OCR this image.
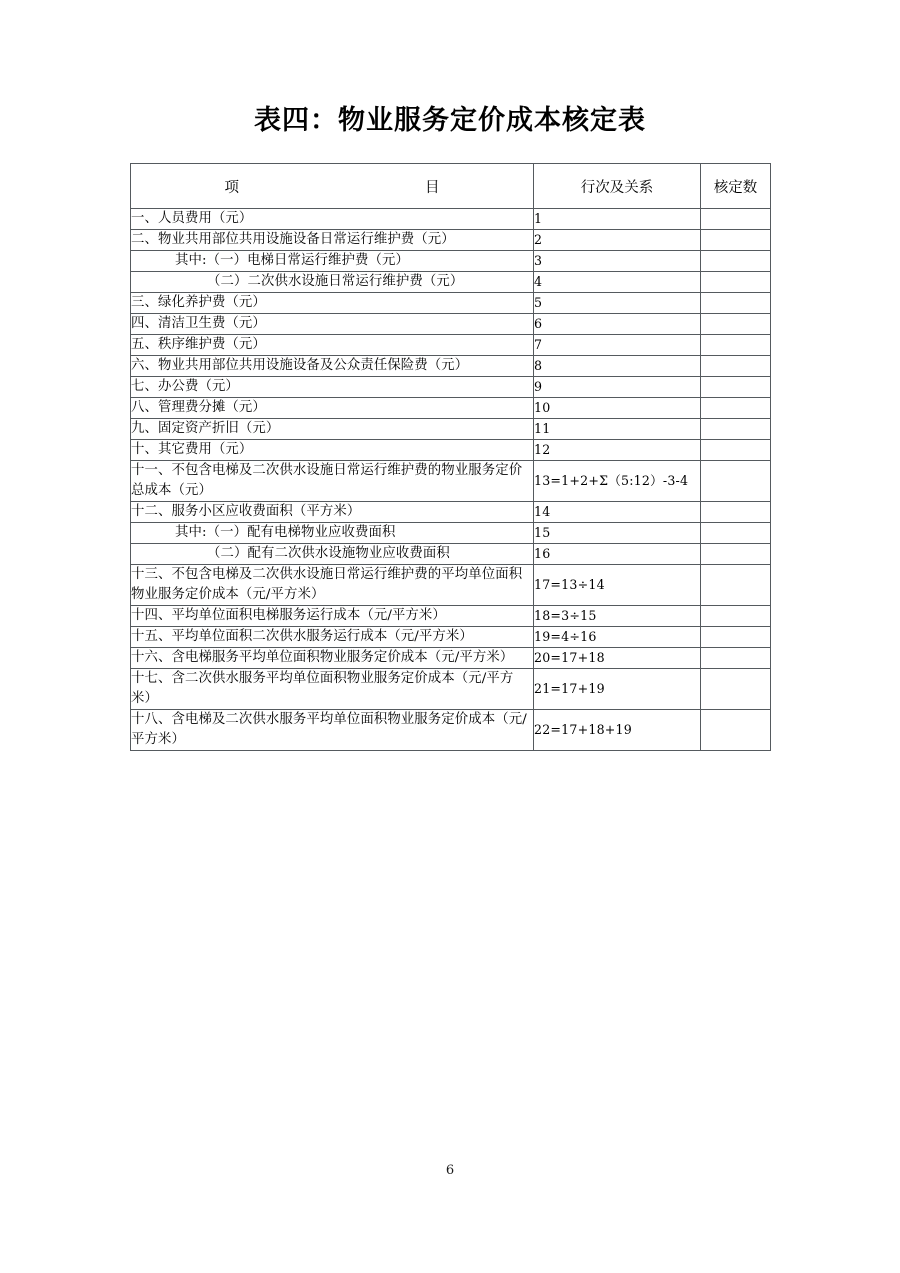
表四：物业服务定价成本核定表
项 目	行次及关系	核定数
一、人员费用（元）	1	
二、物业共用部位共用设施设备日常运行维护费（元）	2	
其中:（一）电梯日常运行维护费（元）	3	
（二）二次供水设施日常运行维护费（元）	4	
三、绿化养护费（元）	5	
四、清洁卫生费（元）	6	
五、秩序维护费（元）	7	
六、物业共用部位共用设施设备及公众责任保险费（元）	8	
七、办公费（元）	9	
八、管理费分摊（元）	10	
九、固定资产折旧（元）	11	
十、其它费用（元）	12	
十一、不包含电梯及二次供水设施日常运行维护费的物业服务定价总成本（元）	13=1+2+Σ（5:12）-3-4	
十二、服务小区应收费面积（平方米）	14	
其中:（一）配有电梯物业应收费面积	15	
（二）配有二次供水设施物业应收费面积	16	
十三、不包含电梯及二次供水设施日常运行维护费的平均单位面积物业服务定价成本（元/平方米）	17=13÷14	
十四、平均单位面积电梯服务运行成本（元/平方米）	18=3÷15	
十五、平均单位面积二次供水服务运行成本（元/平方米）	19=4÷16	
十六、含电梯服务平均单位面积物业服务定价成本（元/平方米）	20=17+18	
十七、含二次供水服务平均单位面积物业服务定价成本（元/平方米）	21=17+19	
十八、含电梯及二次供水服务平均单位面积物业服务定价成本（元/平方米）	22=17+18+19	
6
